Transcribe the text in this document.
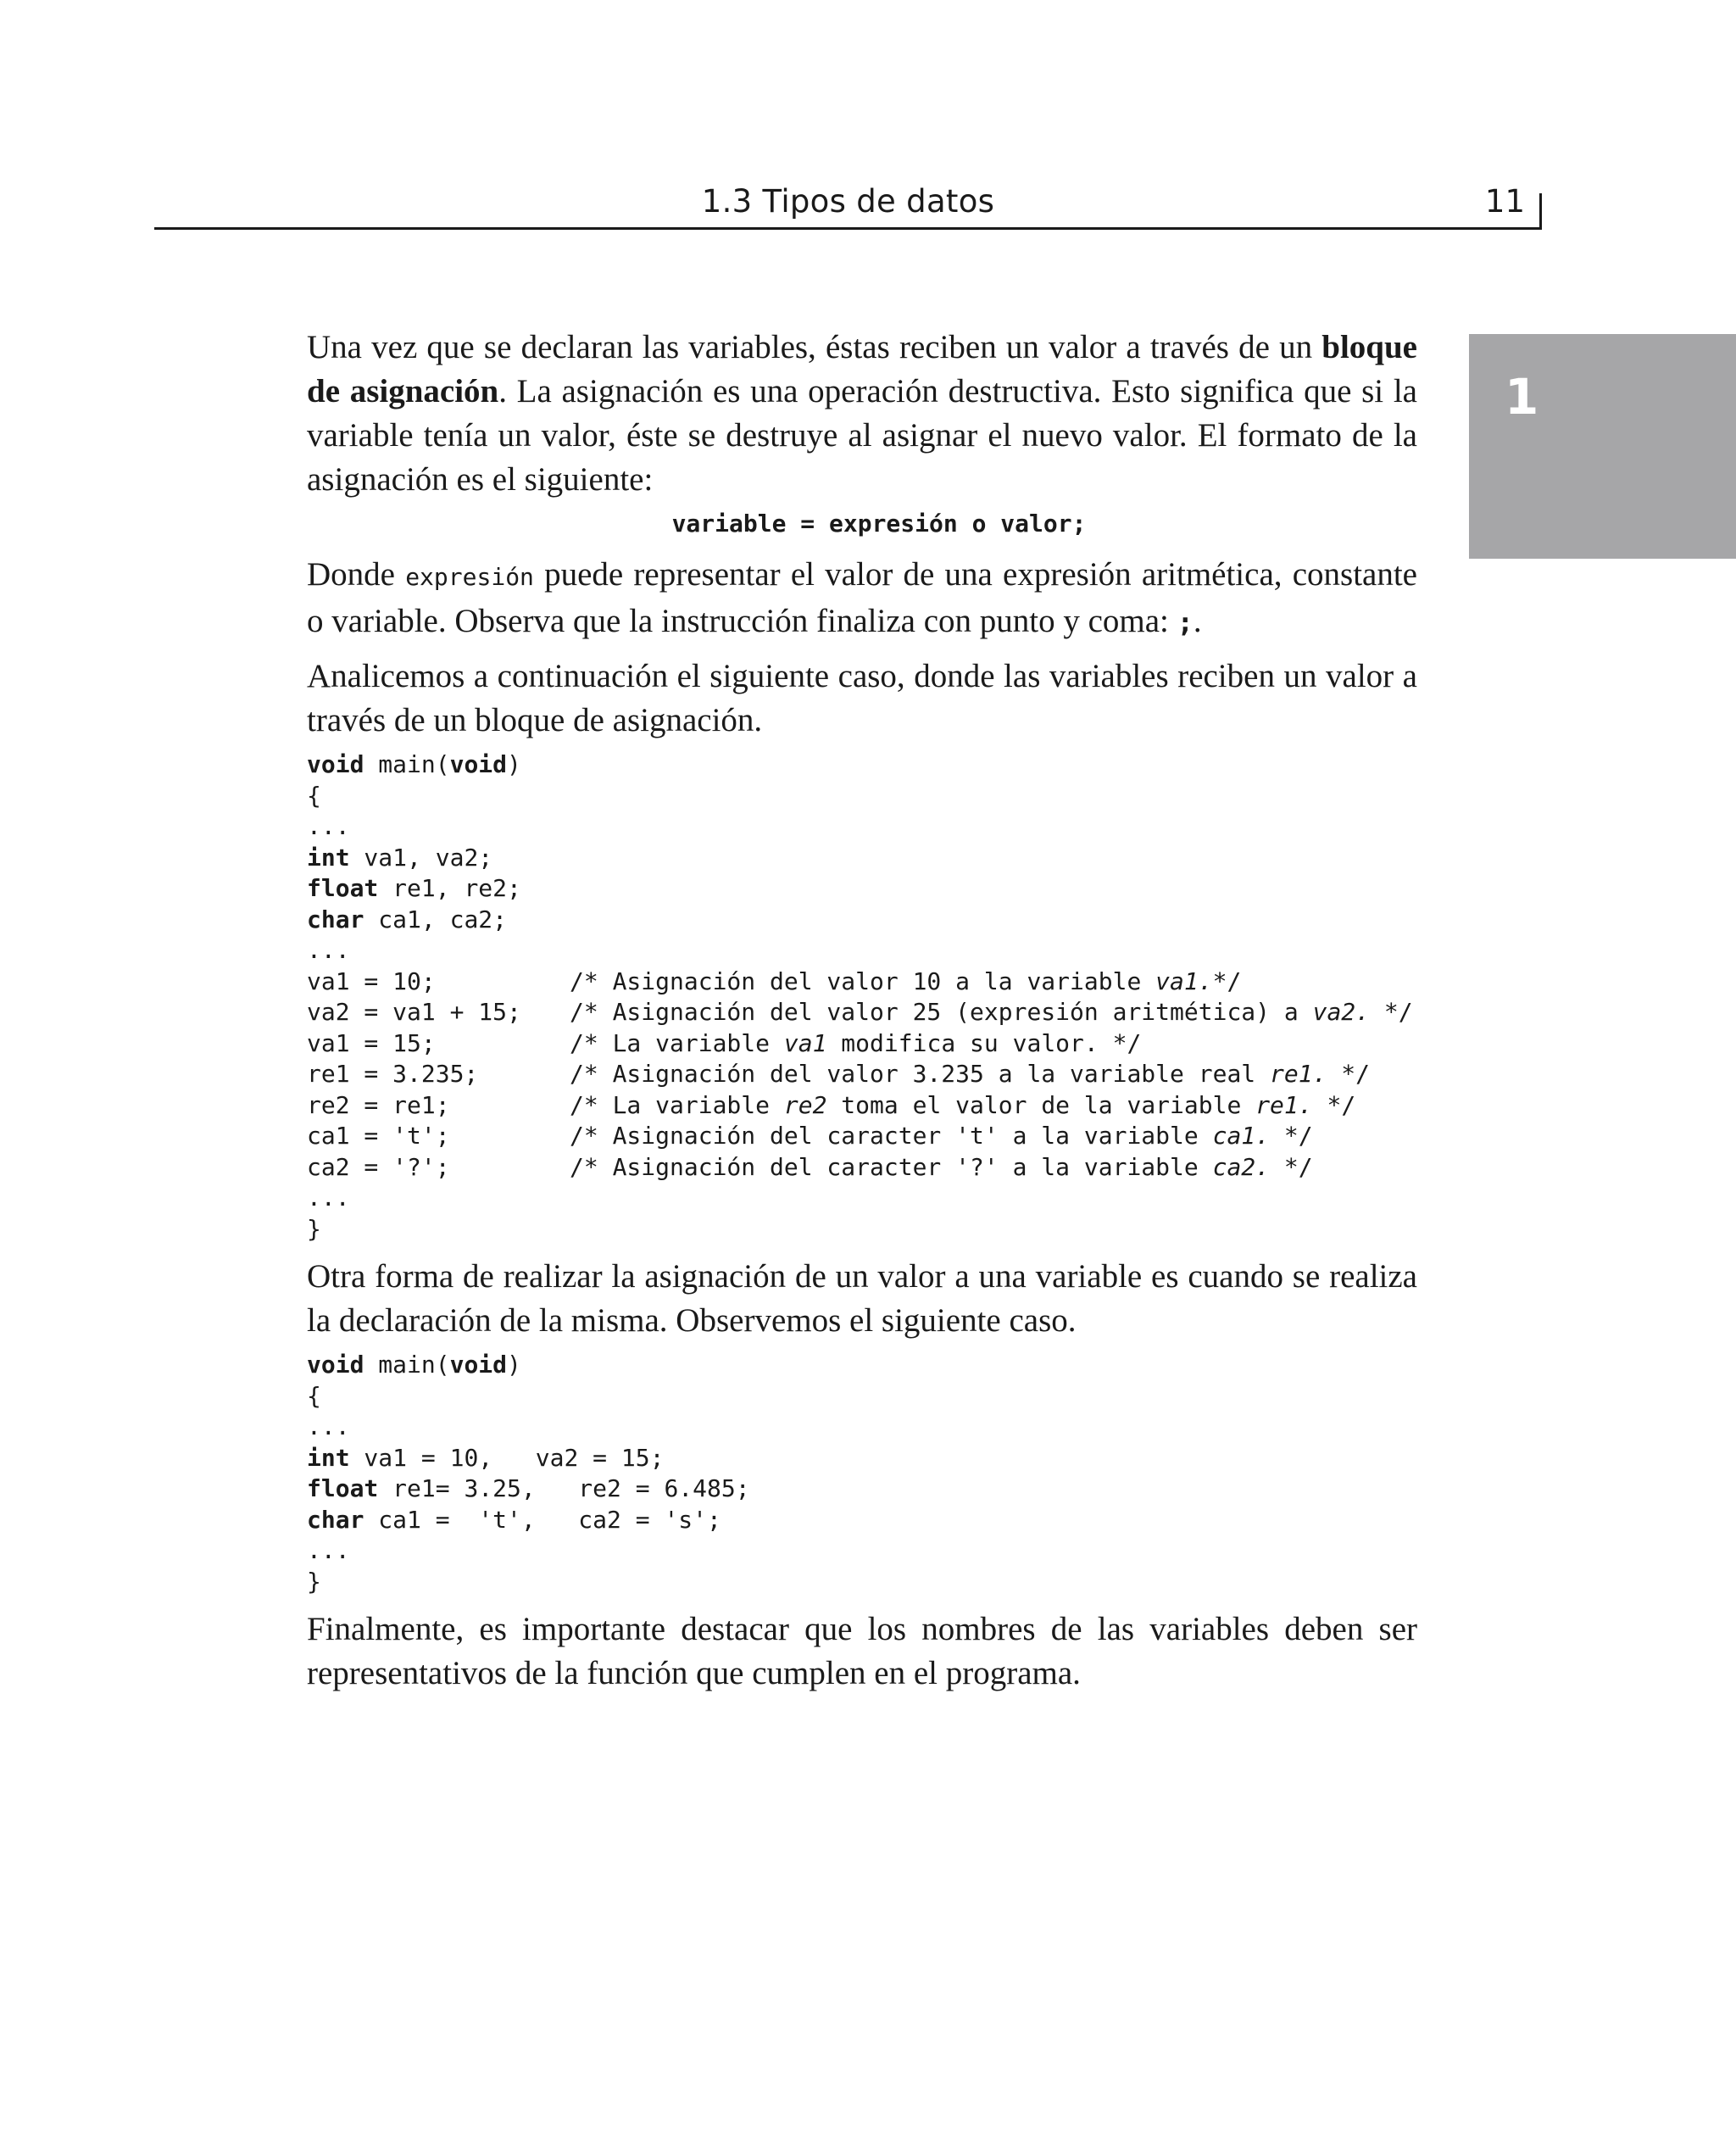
1.3 Tipos de datos	11
1

Una vez que se declaran las variables, éstas reciben un valor a través de un bloque de asignación. La asignación es una operación destructiva. Esto significa que si la variable tenía un valor, éste se destruye al asignar el nuevo valor. El formato de la asignación es el siguiente:

variable = expresión o valor;

Donde expresión puede representar el valor de una expresión aritmética, constante o variable. Observa que la instrucción finaliza con punto y coma: ;.

Analicemos a continuación el siguiente caso, donde las variables reciben un valor a través de un bloque de asignación.

void main(void)
{
...
int va1, va2;
float re1, re2;
char ca1, ca2;
...
va1 = 10;	/* Asignación del valor 10 a la variable va1.*/
va2 = va1 + 15; /* Asignación del valor 25 (expresión aritmética) a va2. */
va1 = 15;	/* La variable va1 modifica su valor. */
re1 = 3.235;	/* Asignación del valor 3.235 a la variable real re1. */
re2 = re1;	/* La variable re2 toma el valor de la variable re1. */
ca1 = 't';	/* Asignación del caracter 't' a la variable ca1. */
ca2 = '?';	/* Asignación del caracter '?' a la variable ca2. */
...
}

Otra forma de realizar la asignación de un valor a una variable es cuando se realiza la declaración de la misma. Observemos el siguiente caso.

void main(void)
{
...
int va1 = 10,   va2 = 15;
float re1= 3.25,   re2 = 6.485;
char ca1 =  't',   ca2 = 's';
...
}

Finalmente, es importante destacar que los nombres de las variables deben ser representativos de la función que cumplen en el programa.
